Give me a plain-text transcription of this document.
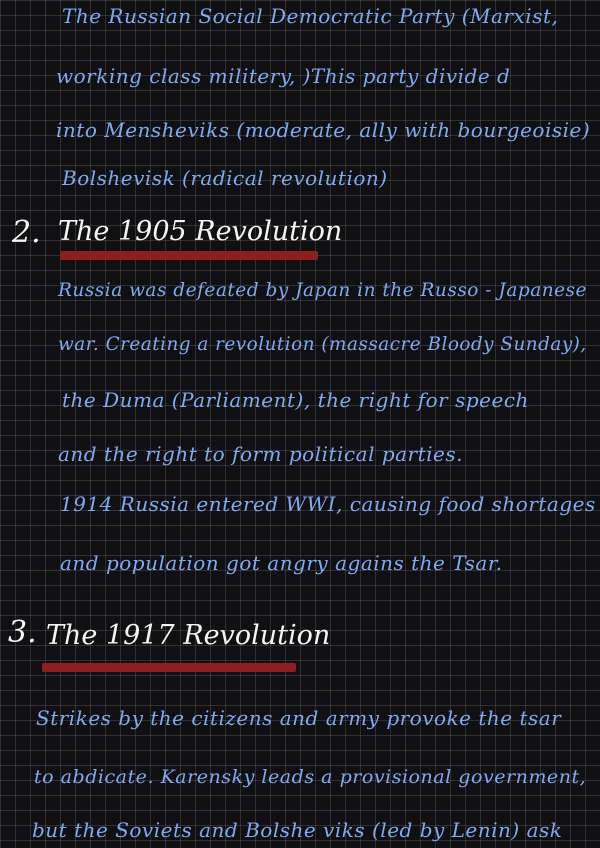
The Russian Social Democratic Party (Marxist,
working class militery, )This party divide d
into Mensheviks (moderate, ally with bourgeoisie)
Bolshevisk (radical revolution)
2. The 1905 Revolution
Russia was defeated by Japan in the Russo - Japanese
war. Creating a revolution (massacre Bloody Sunday),
the Duma (Parliament), the right for speech
and the right to form political parties.
1914 Russia entered WWI, causing food shortages
and population got angry agains the Tsar.
3. The 1917 Revolution
Strikes by the citizens and army provoke the tsar
to abdicate. Karensky leads a provisional government,
but the Soviets and Bolshe viks (led by Lenin) ask
